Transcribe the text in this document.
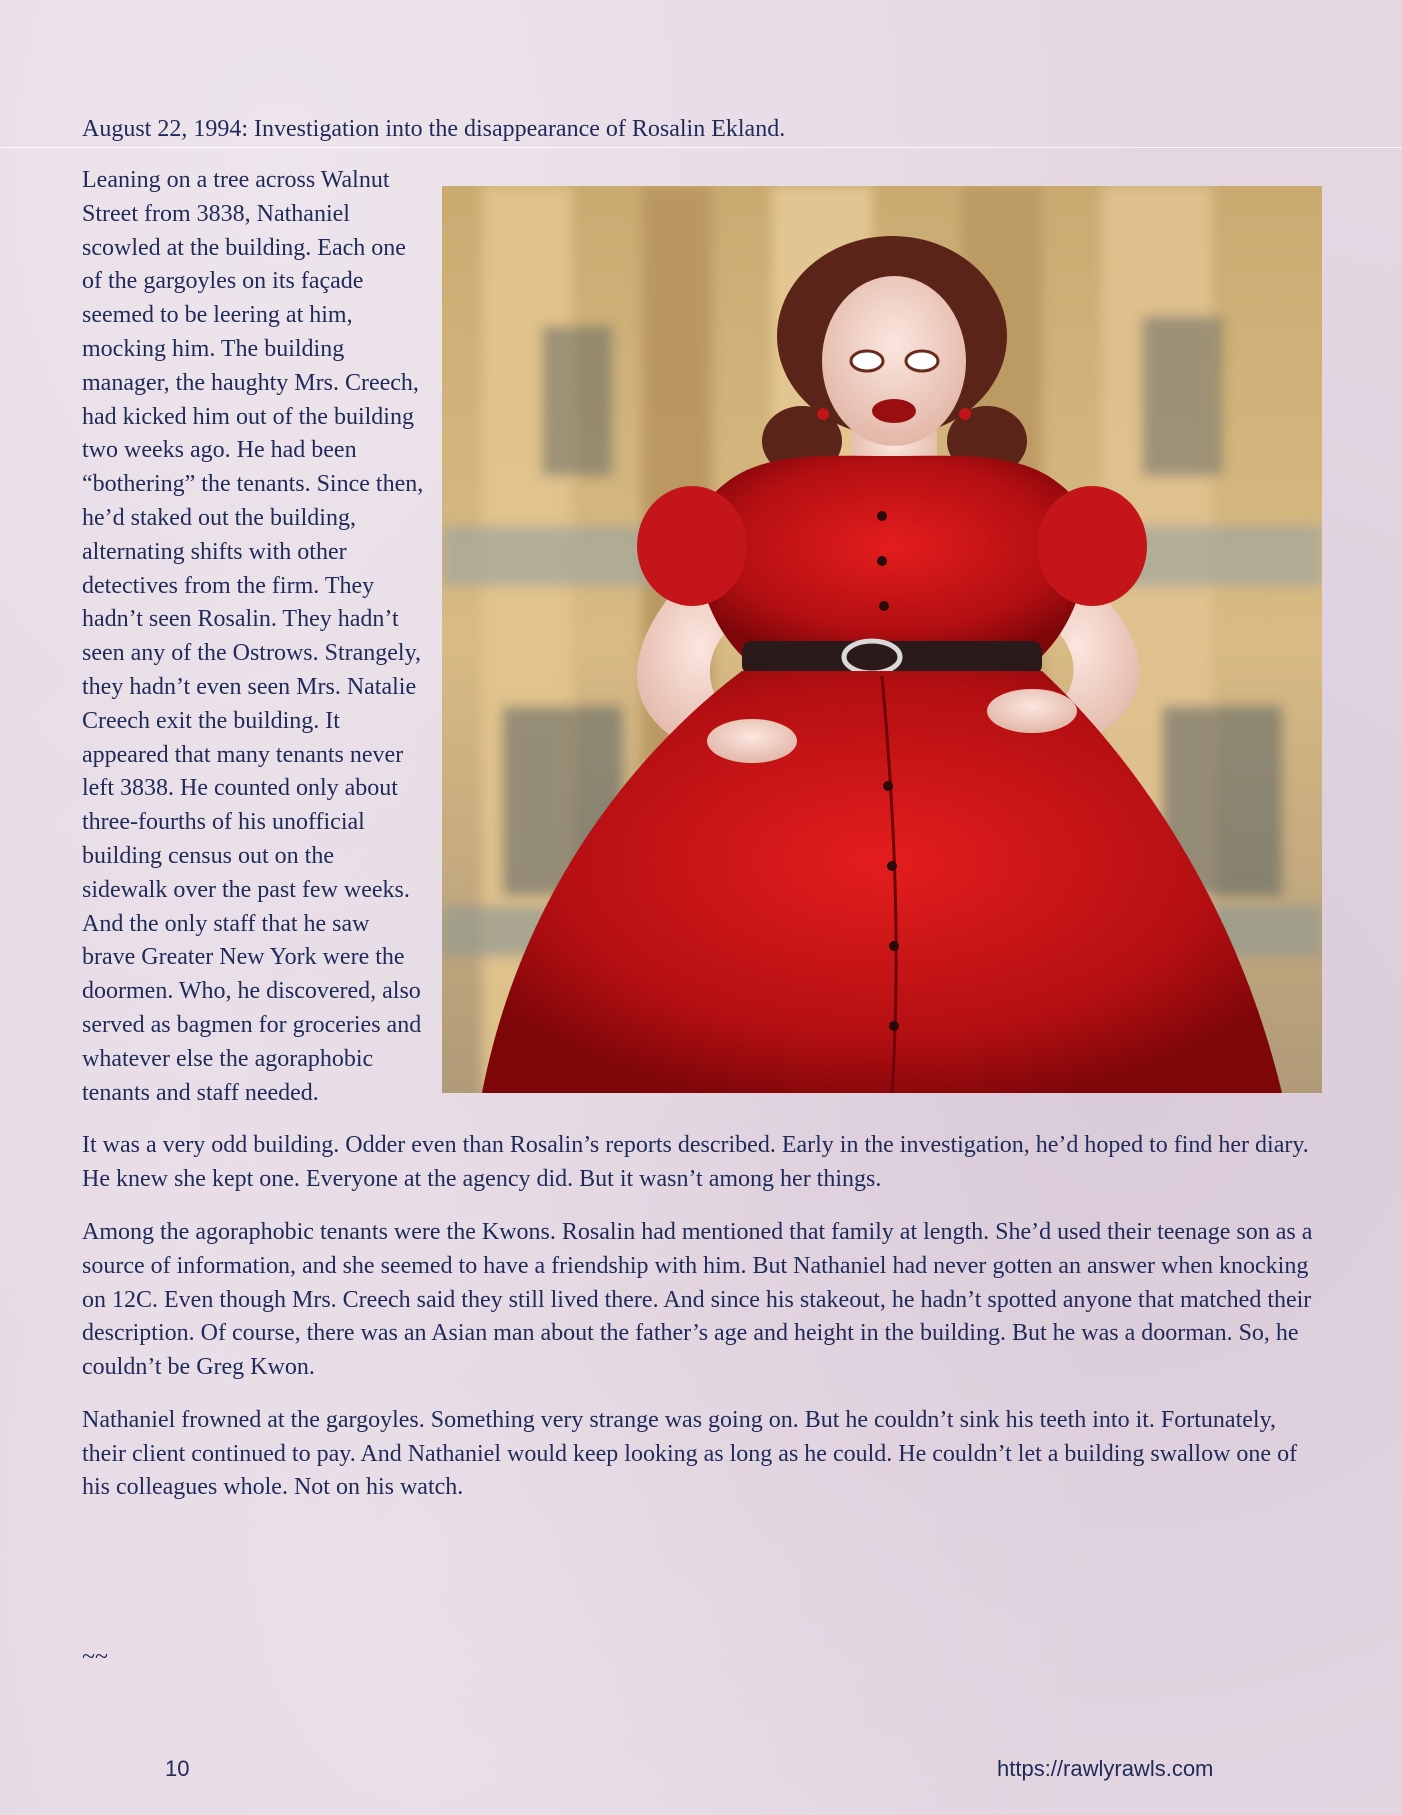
August 22, 1994: Investigation into the disappearance of Rosalin Ekland.

Leaning on a tree across Walnut Street from 3838, Nathaniel scowled at the building. Each one of the gargoyles on its façade seemed to be leering at him, mocking him. The building manager, the haughty Mrs. Creech, had kicked him out of the building two weeks ago. He had been “bothering” the tenants. Since then, he’d staked out the building, alternating shifts with other detectives from the firm. They hadn’t seen Rosalin. They hadn’t seen any of the Ostrows. Strangely, they hadn’t even seen Mrs. Natalie Creech exit the building. It appeared that many tenants never left 3838. He counted only about three-fourths of his unofficial building census out on the sidewalk over the past few weeks. And the only staff that he saw brave Greater New York were the doormen. Who, he discovered, also served as bagmen for groceries and whatever else the agoraphobic tenants and staff needed.

It was a very odd building. Odder even than Rosalin’s reports described. Early in the investigation, he’d hoped to find her diary. He knew she kept one. Everyone at the agency did. But it wasn’t among her things.

Among the agoraphobic tenants were the Kwons. Rosalin had mentioned that family at length. She’d used their teenage son as a source of information, and she seemed to have a friendship with him. But Nathaniel had never gotten an answer when knocking on 12C. Even though Mrs. Creech said they still lived there. And since his stakeout, he hadn’t spotted anyone that matched their description. Of course, there was an Asian man about the father’s age and height in the building. But he was a doorman. So, he couldn’t be Greg Kwon.

Nathaniel frowned at the gargoyles. Something very strange was going on. But he couldn’t sink his teeth into it. Fortunately, their client continued to pay. And Nathaniel would keep looking as long as he could. He couldn’t let a building swallow one of his colleagues whole. Not on his watch.

~~
10	https://rawlyrawls.com
